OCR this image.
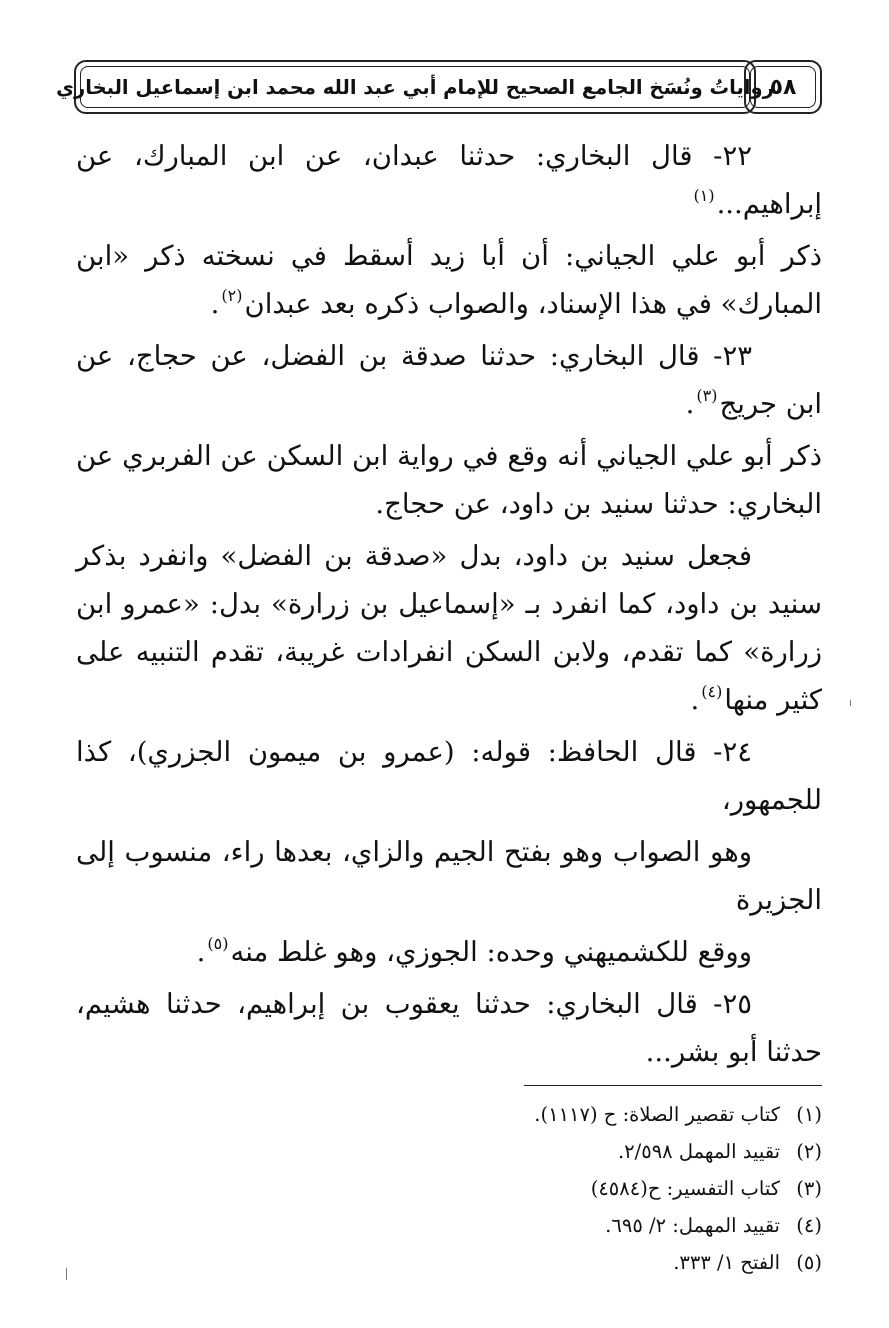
رواياتُ ونُسَخ الجامع الصحيح للإمام أبي عبد الله محمد ابن إسماعيل البخاري
٥٨

٢٢- قال البخاري: حدثنا عبدان، عن ابن المبارك، عن إبراهيم...$^{(١)}$

ذكر أبو علي الجياني: أن أبا زيد أسقط في نسخته ذكر «ابن المبارك» في هذا الإسناد، والصواب ذكره بعد عبدان$^{(٢)}$.

٢٣- قال البخاري: حدثنا صدقة بن الفضل، عن حجاج، عن ابن جريج$^{(٣)}$.

ذكر أبو علي الجياني أنه وقع في رواية ابن السكن عن الفربري عن البخاري: حدثنا سنيد بن داود، عن حجاج.

فجعل سنيد بن داود، بدل «صدقة بن الفضل» وانفرد بذكر سنيد بن داود، كما انفرد بـ «إسماعيل بن زرارة» بدل: «عمرو ابن زرارة» كما تقدم، ولابن السكن انفرادات غريبة، تقدم التنبيه على كثير منها$^{(٤)}$.

٢٤- قال الحافظ: قوله: (عمرو بن ميمون الجزري)، كذا للجمهور،

وهو الصواب وهو بفتح الجيم والزاي، بعدها راء، منسوب إلى الجزيرة

ووقع للكشميهني وحده: الجوزي، وهو غلط منه$^{(٥)}$.

٢٥- قال البخاري: حدثنا يعقوب بن إبراهيم، حدثنا هشيم، حدثنا أبو بشر...

(١)كتاب تقصير الصلاة: ح (١١١٧).
(٢)تقييد المهمل ٢/٥٩٨.
(٣)كتاب التفسير: ح(٤٥٨٤)
(٤)تقييد المهمل: ٢/ ٦٩٥.
(٥)الفتح ١/ ٣٣٣.
